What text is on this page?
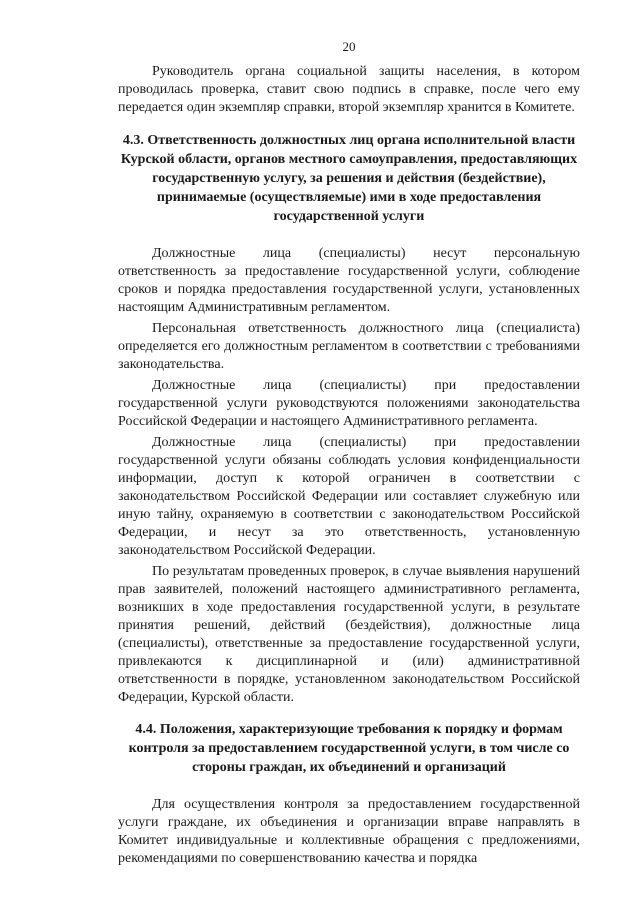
20

Руководитель органа социальной защиты населения, в котором проводилась проверка, ставит свою подпись в справке, после чего ему передается один экземпляр справки, второй экземпляр хранится в Комитете.

4.3. Ответственность должностных лиц органа исполнительной власти Курской области, органов местного самоуправления, предоставляющих государственную услугу, за решения и действия (бездействие), принимаемые (осуществляемые) ими в ходе предоставления государственной услуги

Должностные лица (специалисты) несут персональную ответственность за предоставление государственной услуги, соблюдение сроков и порядка предоставления государственной услуги, установленных настоящим Административным регламентом.

Персональная ответственность должностного лица (специалиста) определяется его должностным регламентом в соответствии с требованиями законодательства.

Должностные лица (специалисты) при предоставлении государственной услуги руководствуются положениями законодательства Российской Федерации и настоящего Административного регламента.

Должностные лица (специалисты) при предоставлении государственной услуги обязаны соблюдать условия конфиденциальности информации, доступ к которой ограничен в соответствии с законодательством Российской Федерации или составляет служебную или иную тайну, охраняемую в соответствии с законодательством Российской Федерации, и несут за это ответственность, установленную законодательством Российской Федерации.

По результатам проведенных проверок, в случае выявления нарушений прав заявителей, положений настоящего административного регламента, возникших в ходе предоставления государственной услуги, в результате принятия решений, действий (бездействия), должностные лица (специалисты), ответственные за предоставление государственной услуги, привлекаются к дисциплинарной и (или) административной ответственности в порядке, установленном законодательством Российской Федерации, Курской области.

4.4. Положения, характеризующие требования к порядку и формам контроля за предоставлением государственной услуги, в том числе со стороны граждан, их объединений и организаций

Для осуществления контроля за предоставлением государственной услуги граждане, их объединения и организации вправе направлять в Комитет индивидуальные и коллективные обращения с предложениями, рекомендациями по совершенствованию качества и порядка
